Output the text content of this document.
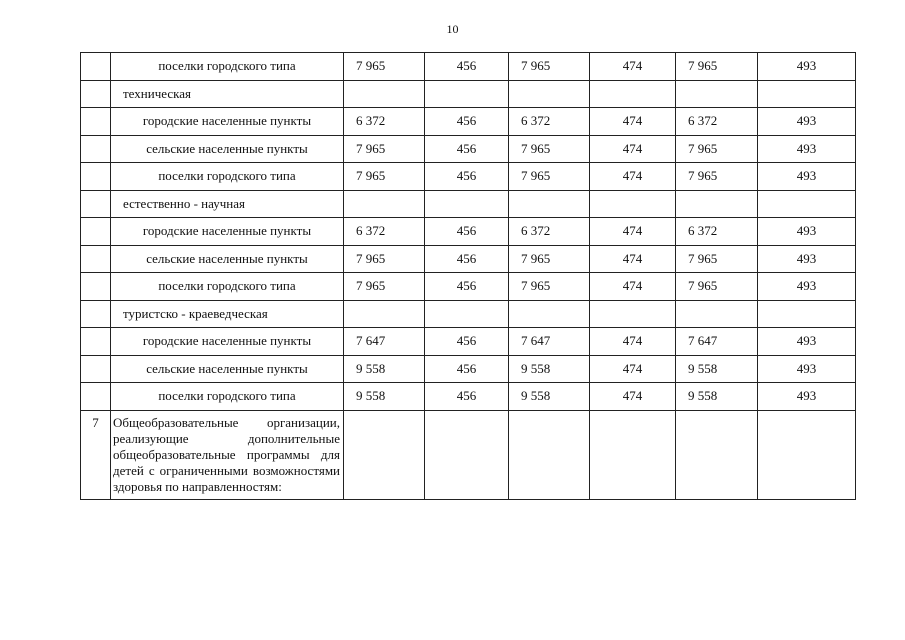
10
	поселки городского типа	7 965	456	7 965	474	7 965	493
	техническая						
	городские населенные пункты	6 372	456	6 372	474	6 372	493
	сельские населенные пункты	7 965	456	7 965	474	7 965	493
	поселки городского типа	7 965	456	7 965	474	7 965	493
	естественно - научная						
	городские населенные пункты	6 372	456	6 372	474	6 372	493
	сельские населенные пункты	7 965	456	7 965	474	7 965	493
	поселки городского типа	7 965	456	7 965	474	7 965	493
	туристско - краеведческая						
	городские населенные пункты	7 647	456	7 647	474	7 647	493
	сельские населенные пункты	9 558	456	9 558	474	9 558	493
	поселки городского типа	9 558	456	9 558	474	9 558	493
7	Общеобразовательные организации, реализующие дополнительные общеобразовательные программы для детей с ограниченными возможностями здоровья по направленностям:						
